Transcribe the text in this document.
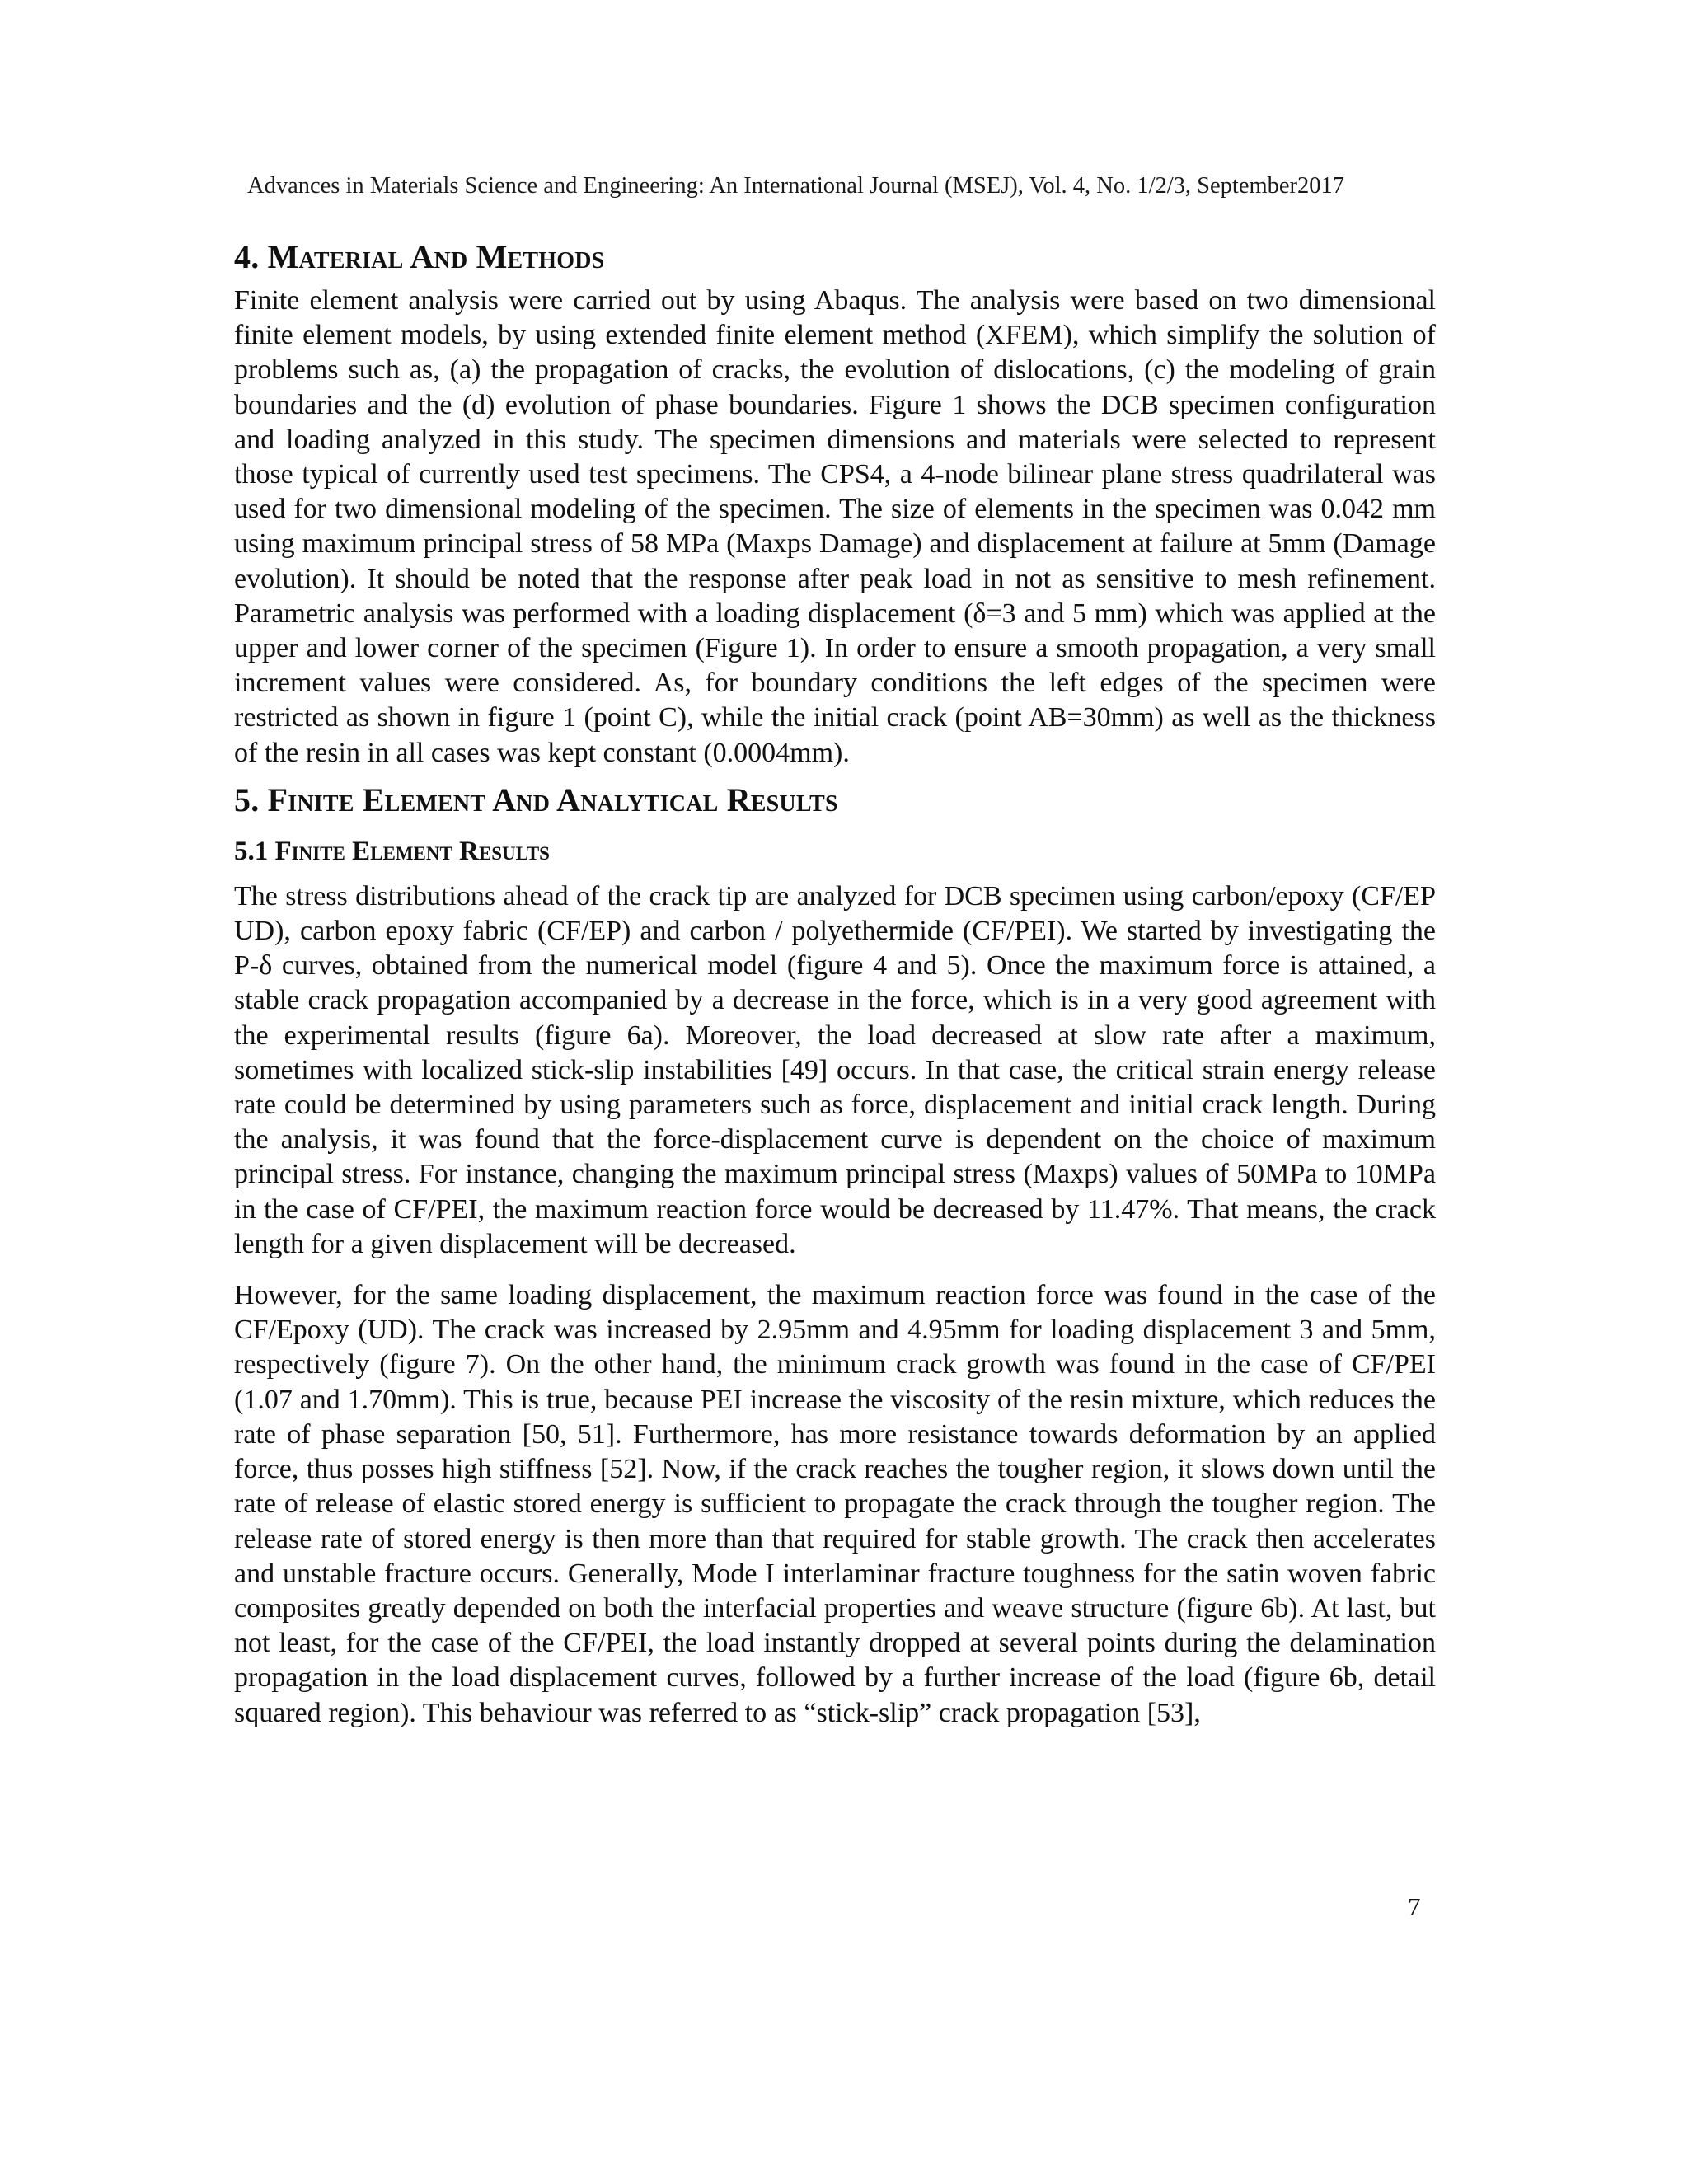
Advances in Materials Science and Engineering: An International Journal (MSEJ), Vol. 4, No. 1/2/3, September2017
4. Material And Methods

Finite element analysis were carried out by using Abaqus. The analysis were based on two dimensional finite element models, by using extended finite element method (XFEM), which simplify the solution of problems such as, (a) the propagation of cracks, the evolution of dislocations, (c) the modeling of grain boundaries and the (d) evolution of phase boundaries. Figure 1 shows the DCB specimen configuration and loading analyzed in this study. The specimen dimensions and materials were selected to represent those typical of currently used test specimens. The CPS4, a 4-node bilinear plane stress quadrilateral was used for two dimensional modeling of the specimen. The size of elements in the specimen was 0.042 mm using maximum principal stress of 58 MPa (Maxps Damage) and displacement at failure at 5mm (Damage evolution). It should be noted that the response after peak load in not as sensitive to mesh refinement. Parametric analysis was performed with a loading displacement (δ=3 and 5 mm) which was applied at the upper and lower corner of the specimen (Figure 1). In order to ensure a smooth propagation, a very small increment values were considered. As, for boundary conditions the left edges of the specimen were restricted as shown in figure 1 (point C), while the initial crack (point AB=30mm) as well as the thickness of the resin in all cases was kept constant (0.0004mm).

5. Finite Element And Analytical Results
5.1 Finite Element Results

The stress distributions ahead of the crack tip are analyzed for DCB specimen using carbon/epoxy (CF/EP UD), carbon epoxy fabric (CF/EP) and carbon / polyethermide (CF/PEI). We started by investigating the P-δ curves, obtained from the numerical model (figure 4 and 5). Once the maximum force is attained, a stable crack propagation accompanied by a decrease in the force, which is in a very good agreement with the experimental results (figure 6a). Moreover, the load decreased at slow rate after a maximum, sometimes with localized stick-slip instabilities [49] occurs. In that case, the critical strain energy release rate could be determined by using parameters such as force, displacement and initial crack length. During the analysis, it was found that the force-displacement curve is dependent on the choice of maximum principal stress. For instance, changing the maximum principal stress (Maxps) values of 50MPa to 10MPa in the case of CF/PEI, the maximum reaction force would be decreased by 11.47%. That means, the crack length for a given displacement will be decreased.

However, for the same loading displacement, the maximum reaction force was found in the case of the CF/Epoxy (UD). The crack was increased by 2.95mm and 4.95mm for loading displacement 3 and 5mm, respectively (figure 7). On the other hand, the minimum crack growth was found in the case of CF/PEI (1.07 and 1.70mm). This is true, because PEI increase the viscosity of the resin mixture, which reduces the rate of phase separation [50, 51]. Furthermore, has more resistance towards deformation by an applied force, thus posses high stiffness [52]. Now, if the crack reaches the tougher region, it slows down until the rate of release of elastic stored energy is sufficient to propagate the crack through the tougher region. The release rate of stored energy is then more than that required for stable growth. The crack then accelerates and unstable fracture occurs. Generally, Mode I interlaminar fracture toughness for the satin woven fabric composites greatly depended on both the interfacial properties and weave structure (figure 6b). At last, but not least, for the case of the CF/PEI, the load instantly dropped at several points during the delamination propagation in the load displacement curves, followed by a further increase of the load (figure 6b, detail squared region). This behaviour was referred to as “stick-slip” crack propagation [53],

7
